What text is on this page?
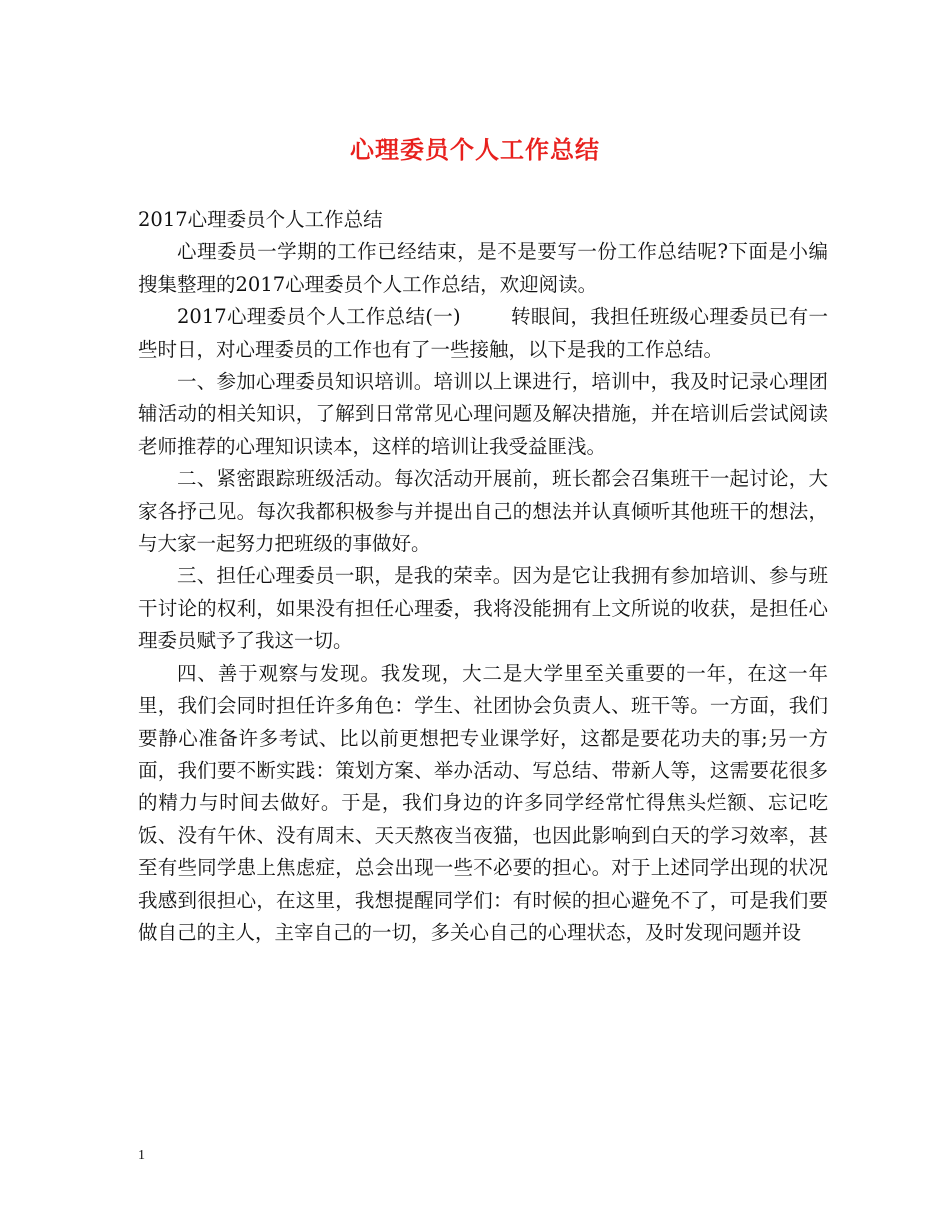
心理委员个人工作总结

2017心理委员个人工作总结

心理委员一学期的工作已经结束，是不是要写一份工作总结呢?下面是小编搜集整理的2017心理委员个人工作总结，欢迎阅读。

2017心理委员个人工作总结(一)	转眼间，我担任班级心理委员已有一些时日，对心理委员的工作也有了一些接触，以下是我的工作总结。

一、参加心理委员知识培训。培训以上课进行，培训中，我及时记录心理团辅活动的相关知识，了解到日常常见心理问题及解决措施，并在培训后尝试阅读老师推荐的心理知识读本，这样的培训让我受益匪浅。

二、紧密跟踪班级活动。每次活动开展前，班长都会召集班干一起讨论，大家各抒己见。每次我都积极参与并提出自己的想法并认真倾听其他班干的想法，与大家一起努力把班级的事做好。

三、担任心理委员一职，是我的荣幸。因为是它让我拥有参加培训、参与班干讨论的权利，如果没有担任心理委，我将没能拥有上文所说的收获，是担任心理委员赋予了我这一切。

四、善于观察与发现。我发现，大二是大学里至关重要的一年，在这一年里，我们会同时担任许多角色：学生、社团协会负责人、班干等。一方面，我们要静心准备许多考试、比以前更想把专业课学好，这都是要花功夫的事;另一方面，我们要不断实践：策划方案、举办活动、写总结、带新人等，这需要花很多的精力与时间去做好。于是，我们身边的许多同学经常忙得焦头烂额、忘记吃饭、没有午休、没有周末、天天熬夜当夜猫，也因此影响到白天的学习效率，甚至有些同学患上焦虑症，总会出现一些不必要的担心。对于上述同学出现的状况我感到很担心，在这里，我想提醒同学们：有时候的担心避免不了，可是我们要做自己的主人，主宰自己的一切，多关心自己的心理状态，及时发现问题并设

1
